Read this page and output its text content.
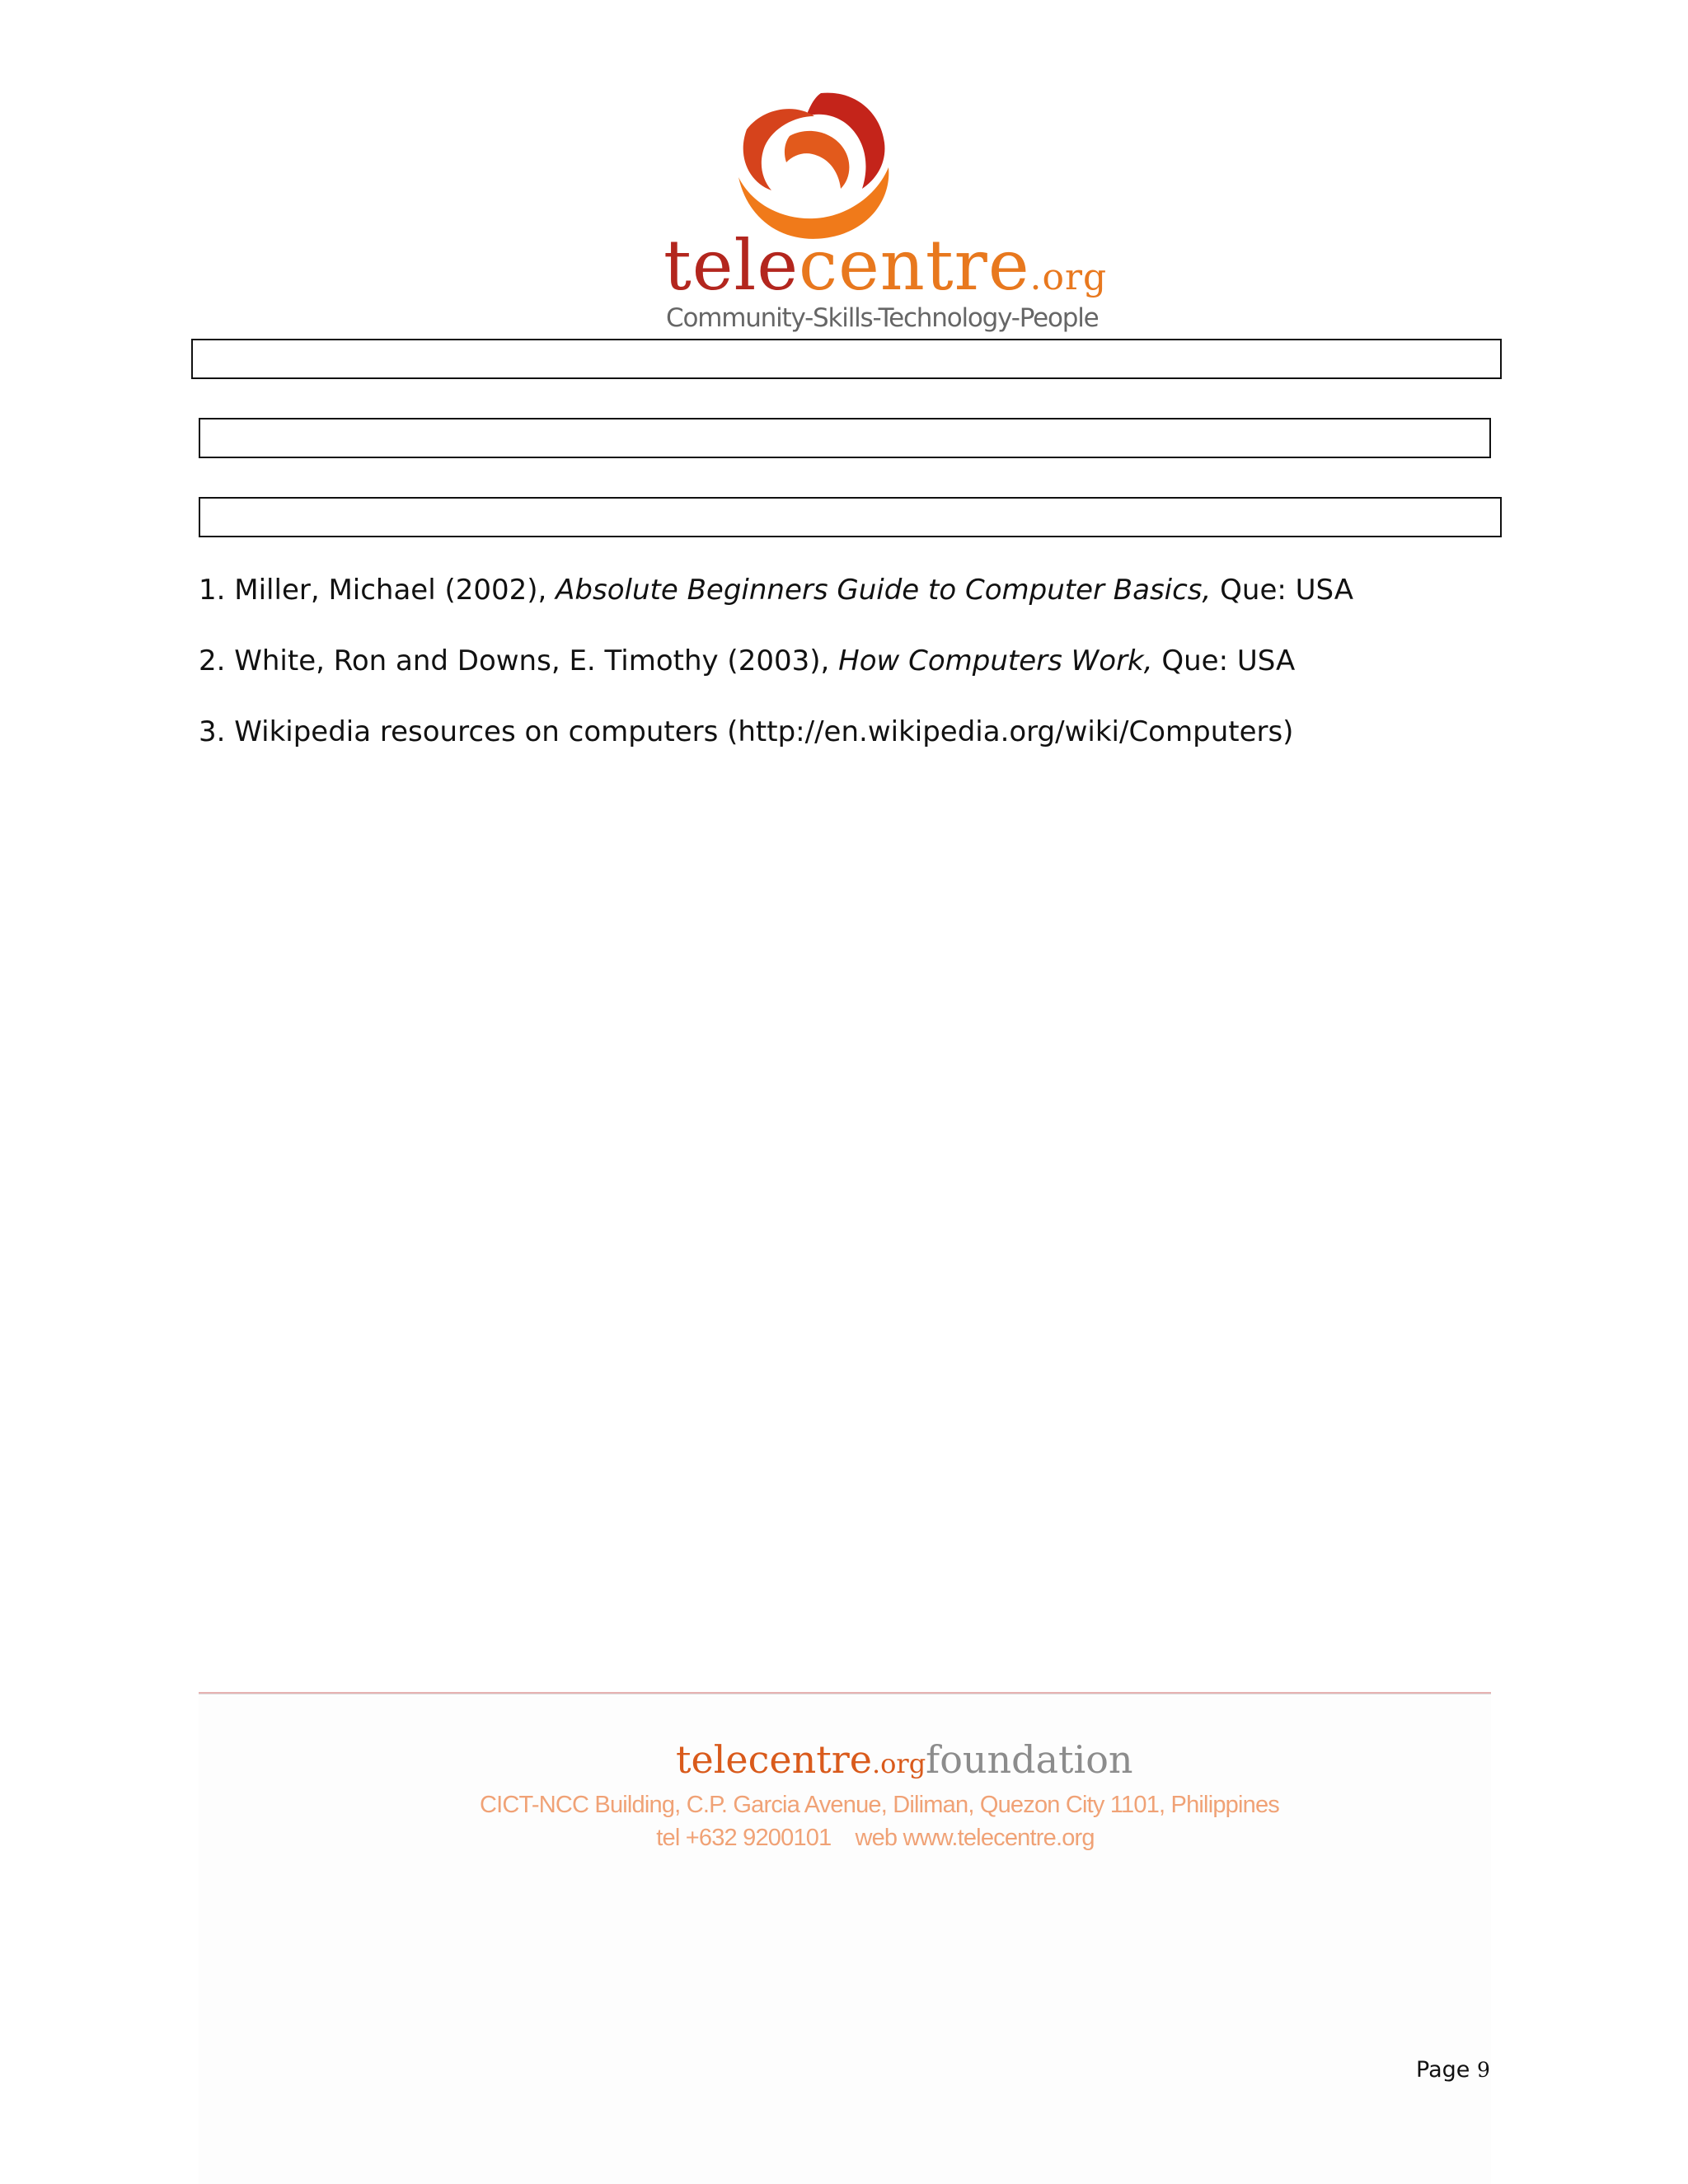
telecentre.org
Community-Skills-Technology-People
1. Miller, Michael (2002), Absolute Beginners Guide to Computer Basics, Que: USA
2. White, Ron and Downs, E. Timothy (2003), How Computers Work, Que: USA
3. Wikipedia resources on computers (http://en.wikipedia.org/wiki/Computers)
telecentre.orgfoundation
CICT-NCC Building, C.P. Garcia Avenue, Diliman, Quezon City 1101, Philippines
tel +632 9200101    web www.telecentre.org
Page 9
